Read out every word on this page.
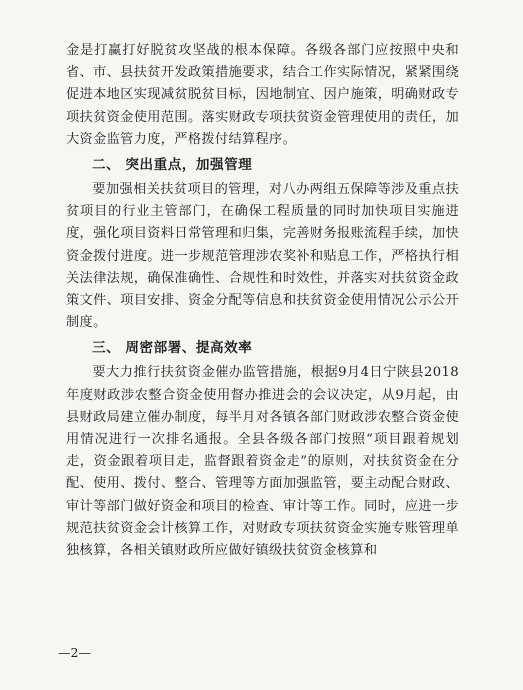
金是打赢打好脱贫攻坚战的根本保障。各级各部门应按照中央和省、市、县扶贫开发政策措施要求，结合工作实际情况，紧紧围绕促进本地区实现减贫脱贫目标，因地制宜、因户施策，明确财政专项扶贫资金使用范围。落实财政专项扶贫资金管理使用的责任，加大资金监管力度，严格拨付结算程序。

二、 突出重点，加强管理

要加强相关扶贫项目的管理，对八办两组五保障等涉及重点扶贫项目的行业主管部门，在确保工程质量的同时加快项目实施进度，强化项目资料日常管理和归集，完善财务报账流程手续，加快资金拨付进度。进一步规范管理涉农奖补和贴息工作，严格执行相关法律法规，确保准确性、合规性和时效性，并落实对扶贫资金政策文件、项目安排、资金分配等信息和扶贫资金使用情况公示公开制度。

三、 周密部署、提高效率

要大力推行扶贫资金催办监管措施，根据9月4日宁陕县2018年度财政涉农整合资金使用督办推进会的会议决定，从9月起，由县财政局建立催办制度，每半月对各镇各部门财政涉农整合资金使用情况进行一次排名通报。全县各级各部门按照“项目跟着规划走，资金跟着项目走，监督跟着资金走”的原则，对扶贫资金在分配、使用、拨付、整合、管理等方面加强监管，要主动配合财政、审计等部门做好资金和项目的检查、审计等工作。同时，应进一步规范扶贫资金会计核算工作，对财政专项扶贫资金实施专账管理单独核算，各相关镇财政所应做好镇级扶贫资金核算和

—2—
